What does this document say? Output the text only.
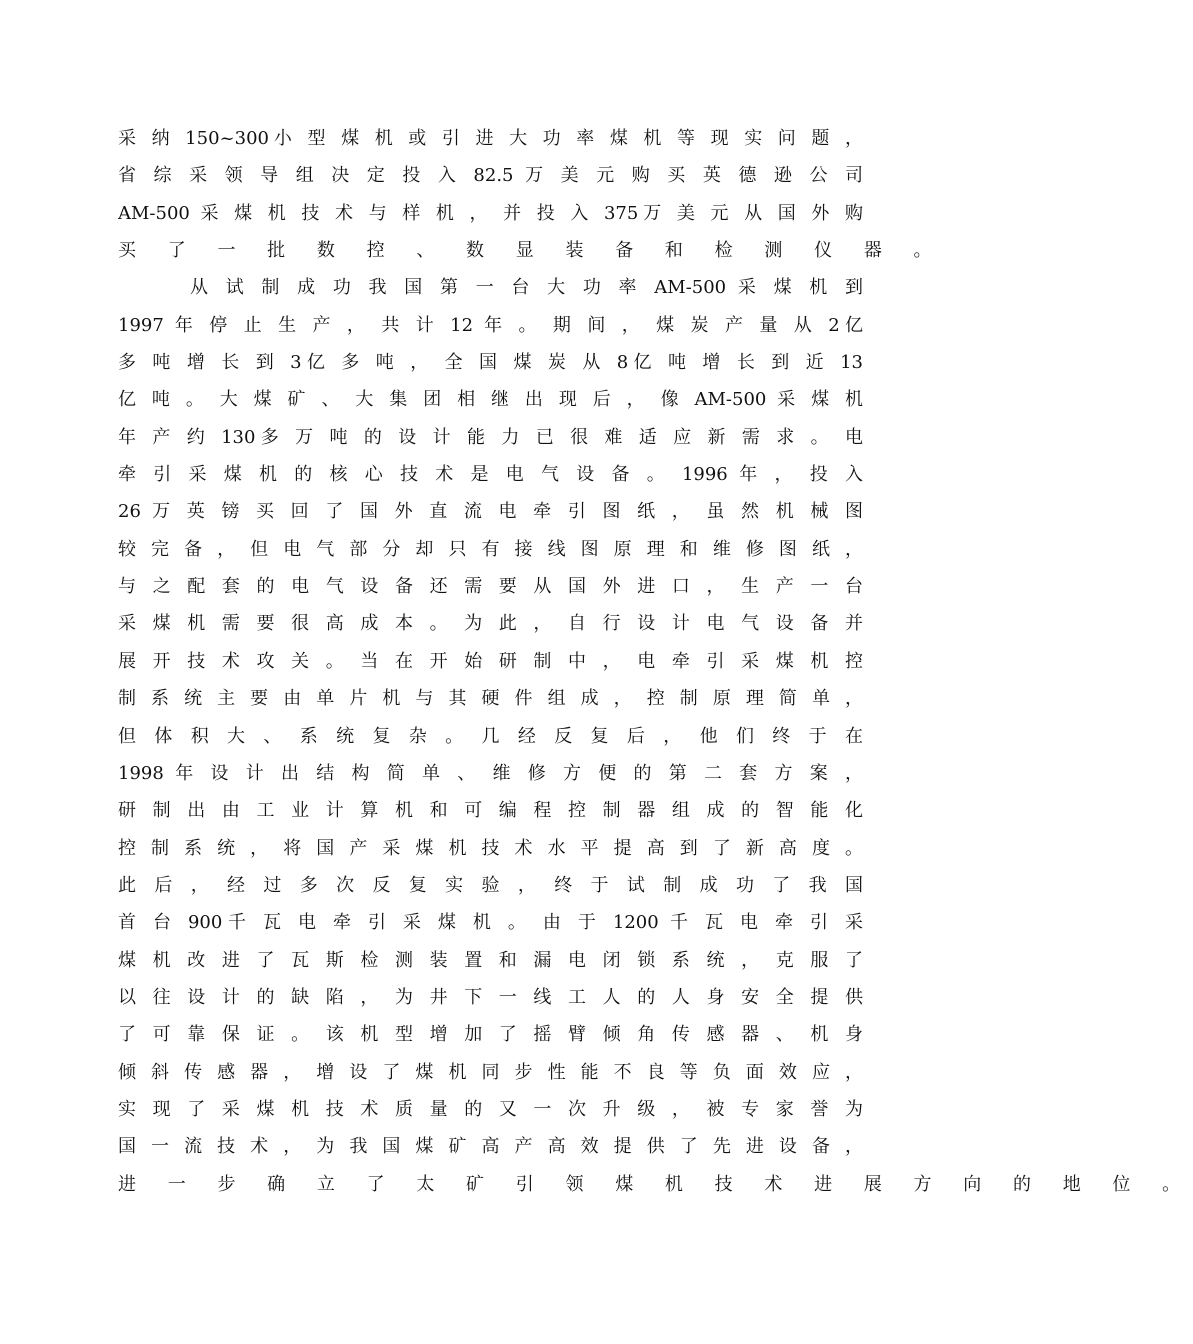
采 纳 150~300小 型 煤 机 或 引 进 大 功 率 煤 机 等 现 实 问 题 ，
省 综 采 领 导 组 决 定 投 入 82.5 万 美 元 购 买 英 德 逊 公 司
AM-500 采 煤 机 技 术 与 样 机 ， 并 投 入 375万 美 元 从 国 外 购
买 了 一 批 数 控 、 数 显 装 备 和 检 测 仪 器 。
　　　从 试 制 成 功 我 国 第 一 台 大 功 率 AM-500 采 煤 机 到
1997 年 停 止 生 产 ， 共 计 12 年 。 期 间 ， 煤 炭 产 量 从 2亿
多 吨 增 长 到 3亿 多 吨 ， 全 国 煤 炭 从 8亿 吨 增 长 到 近 13
亿 吨 。 大 煤 矿 、 大 集 团 相 继 出 现 后 ， 像 AM-500 采 煤 机
年 产 约 130多 万 吨 的 设 计 能 力 已 很 难 适 应 新 需 求 。 电
牵 引 采 煤 机 的 核 心 技 术 是 电 气 设 备 。 1996 年 ， 投 入
26 万 英 镑 买 回 了 国 外 直 流 电 牵 引 图 纸 ， 虽 然 机 械 图
较 完 备 ， 但 电 气 部 分 却 只 有 接 线 图 原 理 和 维 修 图 纸 ，
与 之 配 套 的 电 气 设 备 还 需 要 从 国 外 进 口 ， 生 产 一 台
采 煤 机 需 要 很 高 成 本 。 为 此 ， 自 行 设 计 电 气 设 备 并
展 开 技 术 攻 关 。 当 在 开 始 研 制 中 ， 电 牵 引 采 煤 机 控
制 系 统 主 要 由 单 片 机 与 其 硬 件 组 成 ， 控 制 原 理 简 单 ，
但 体 积 大 、 系 统 复 杂 。 几 经 反 复 后 ， 他 们 终 于 在
1998 年 设 计 出 结 构 简 单 、 维 修 方 便 的 第 二 套 方 案 ，
研 制 出 由 工 业 计 算 机 和 可 编 程 控 制 器 组 成 的 智 能 化
控 制 系 统 ， 将 国 产 采 煤 机 技 术 水 平 提 高 到 了 新 高 度 。
此 后 ， 经 过 多 次 反 复 实 验 ， 终 于 试 制 成 功 了 我 国
首 台 900千 瓦 电 牵 引 采 煤 机 。 由 于 1200 千 瓦 电 牵 引 采
煤 机 改 进 了 瓦 斯 检 测 装 置 和 漏 电 闭 锁 系 统 ， 克 服 了
以 往 设 计 的 缺 陷 ， 为 井 下 一 线 工 人 的 人 身 安 全 提 供
了 可 靠 保 证 。 该 机 型 增 加 了 摇 臂 倾 角 传 感 器 、 机 身
倾 斜 传 感 器 ， 增 设 了 煤 机 同 步 性 能 不 良 等 负 面 效 应 ，
实 现 了 采 煤 机 技 术 质 量 的 又 一 次 升 级 ， 被 专 家 誉 为
国 一 流 技 术 ， 为 我 国 煤 矿 高 产 高 效 提 供 了 先 进 设 备 ，
进 一 步 确 立 了 太 矿 引 领 煤 机 技 术 进 展 方 向 的 地 位 。
